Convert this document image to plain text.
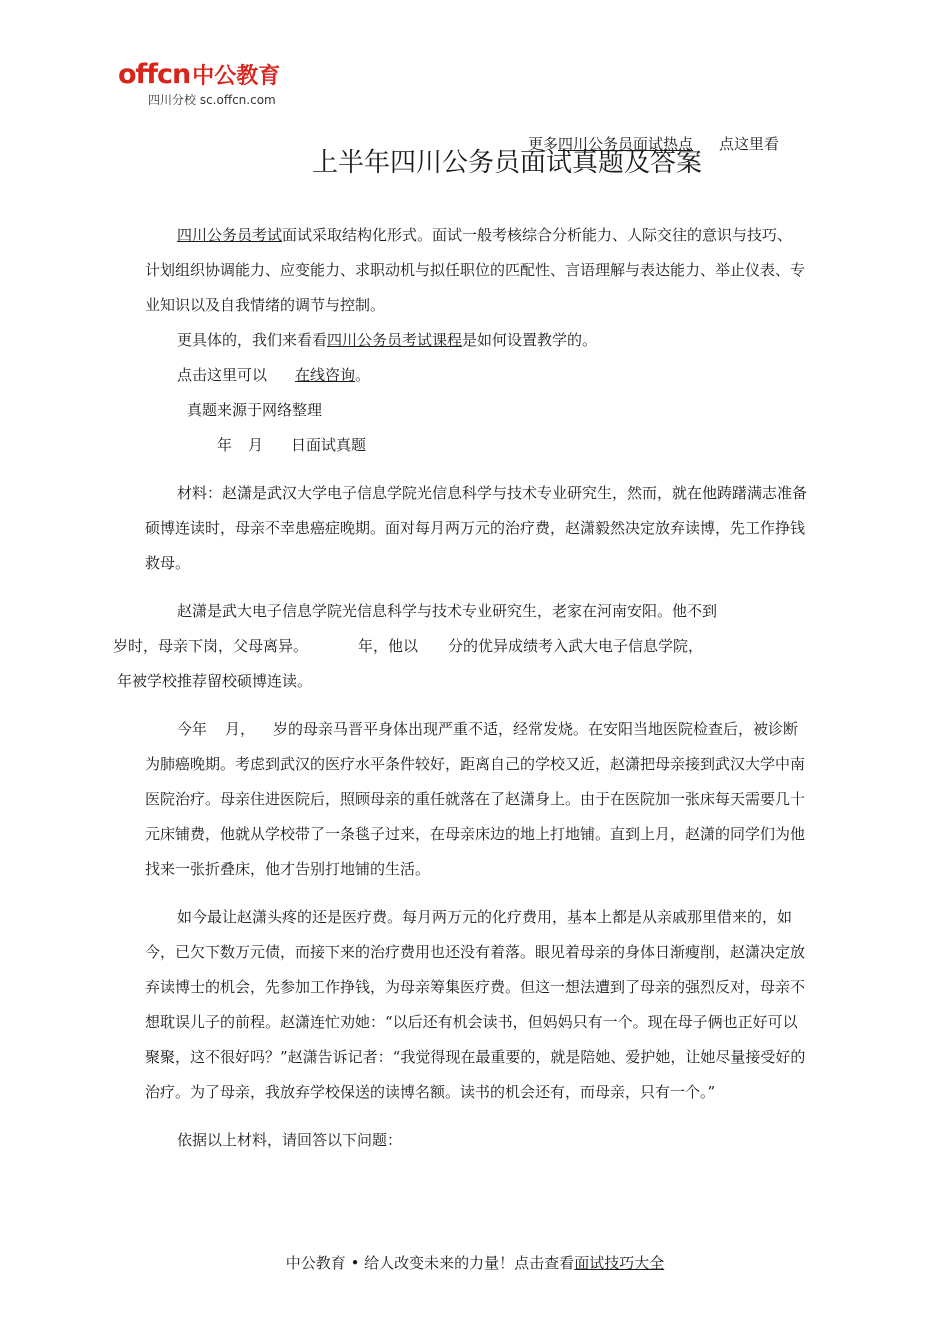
offcn中公教育
四川分校 sc.offcn.com
更多四川公务员面试热点 点这里看
上半年四川公务员面试真题及答案

四川公务员考试面试采取结构化形式。面试一般考核综合分析能力、人际交往的意识与技巧、计划组织协调能力、应变能力、求职动机与拟任职位的匹配性、言语理解与表达能力、举止仪表、专业知识以及自我情绪的调节与控制。

更具体的，我们来看看四川公务员考试课程是如何设置教学的。

点击这里可以 在线咨询。

真题来源于网络整理

年 月 日面试真题

材料：赵潇是武汉大学电子信息学院光信息科学与技术专业研究生，然而，就在他踌躇满志准备硕博连读时，母亲不幸患癌症晚期。面对每月两万元的治疗费，赵潇毅然决定放弃读博，先工作挣钱救母。

赵潇是武大电子信息学院光信息科学与技术专业研究生，老家在河南安阳。他不到
岁时，母亲下岗，父母离异。	年，他以 分的优异成绩考入武大电子信息学院，
年被学校推荐留校硕博连读。

今年 月， 岁的母亲马晋平身体出现严重不适，经常发烧。在安阳当地医院检查后，被诊断为肺癌晚期。考虑到武汉的医疗水平条件较好，距离自己的学校又近，赵潇把母亲接到武汉大学中南医院治疗。母亲住进医院后，照顾母亲的重任就落在了赵潇身上。由于在医院加一张床每天需要几十元床铺费，他就从学校带了一条毯子过来，在母亲床边的地上打地铺。直到上月，赵潇的同学们为他找来一张折叠床，他才告别打地铺的生活。

如今最让赵潇头疼的还是医疗费。每月两万元的化疗费用，基本上都是从亲戚那里借来的，如今，已欠下数万元债，而接下来的治疗费用也还没有着落。眼见着母亲的身体日渐瘦削，赵潇决定放弃读博士的机会，先参加工作挣钱，为母亲筹集医疗费。但这一想法遭到了母亲的强烈反对，母亲不想耽误儿子的前程。赵潇连忙劝她：“以后还有机会读书，但妈妈只有一个。现在母子俩也正好可以聚聚，这不很好吗？”赵潇告诉记者：“我觉得现在最重要的，就是陪她、爱护她，让她尽量接受好的治疗。为了母亲，我放弃学校保送的读博名额。读书的机会还有，而母亲，只有一个。”

依据以上材料，请回答以下问题：

中公教育 • 给人改变未来的力量！点击查看面试技巧大全
